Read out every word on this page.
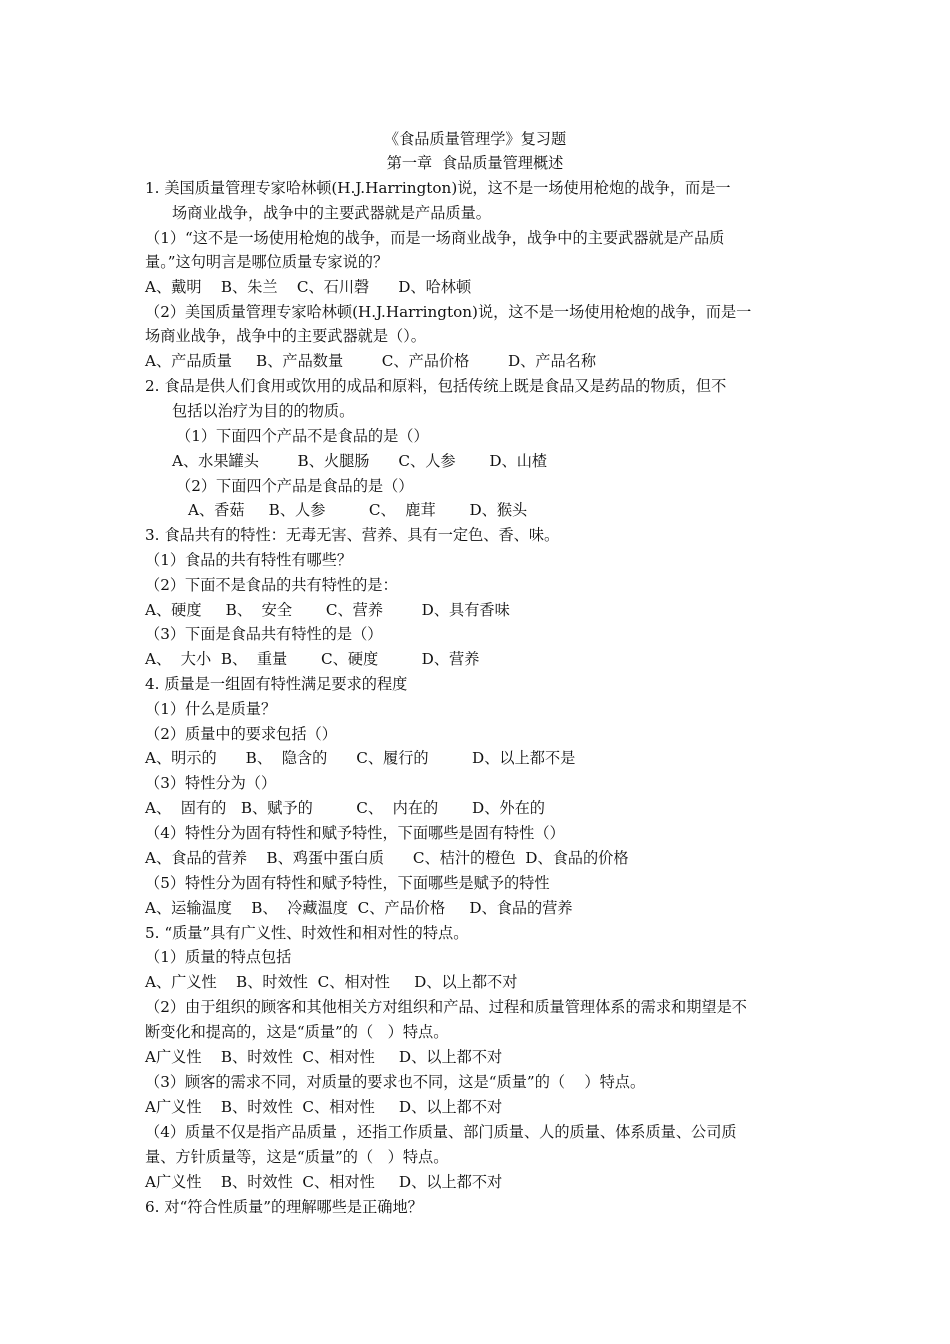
《食品质量管理学》复习题
第一章  食品质量管理概述
1. 美国质量管理专家哈林顿(H.J.Harrington)说，这不是一场使用枪炮的战争，而是一
场商业战争，战争中的主要武器就是产品质量。
（1）“这不是一场使用枪炮的战争，而是一场商业战争，战争中的主要武器就是产品质
量。”这句明言是哪位质量专家说的？
A、戴明    B、朱兰    C、石川磬      D、哈林顿
（2）美国质量管理专家哈林顿(H.J.Harrington)说，这不是一场使用枪炮的战争，而是一
场商业战争，战争中的主要武器就是（）。
A、产品质量     B、产品数量        C、产品价格        D、产品名称
2. 食品是供人们食用或饮用的成品和原料，包括传统上既是食品又是药品的物质，但不
包括以治疗为目的的物质。
（1）下面四个产品不是食品的是（）
A、水果罐头        B、火腿肠      C、人参       D、山楂
（2）下面四个产品是食品的是（）
A、香菇     B、人参         C、  鹿茸       D、猴头
3. 食品共有的特性：无毒无害、营养、具有一定色、香、味。
（1）食品的共有特性有哪些？
（2）下面不是食品的共有特性的是：
A、硬度     B、  安全       C、营养        D、具有香味
（3）下面是食品共有特性的是（）
A、  大小  B、  重量       C、硬度         D、营养
4. 质量是一组固有特性满足要求的程度
（1）什么是质量？
（2）质量中的要求包括（）
A、明示的      B、  隐含的      C、履行的         D、以上都不是
（3）特性分为（）
A、  固有的   B、赋予的         C、  内在的       D、外在的
（4）特性分为固有特性和赋予特性，下面哪些是固有特性（）
A、食品的营养    B、鸡蛋中蛋白质      C、桔汁的橙色  D、食品的价格
（5）特性分为固有特性和赋予特性，下面哪些是赋予的特性
A、运输温度    B、  冷藏温度  C、产品价格     D、食品的营养
5. “质量”具有广义性、时效性和相对性的特点。
（1）质量的特点包括
A、广义性    B、时效性  C、相对性     D、以上都不对
（2）由于组织的顾客和其他相关方对组织和产品、过程和质量管理体系的需求和期望是不
断变化和提高的，这是“质量”的（   ）特点。
A广义性    B、时效性  C、相对性     D、以上都不对
（3）顾客的需求不同，对质量的要求也不同，这是“质量”的（    ）特点。
A广义性    B、时效性  C、相对性     D、以上都不对
（4）质量不仅是指产品质量 ，还指工作质量、部门质量、人的质量、体系质量、公司质
量、方针质量等，这是“质量”的（   ）特点。
A广义性    B、时效性  C、相对性     D、以上都不对
6. 对“符合性质量”的理解哪些是正确地？
